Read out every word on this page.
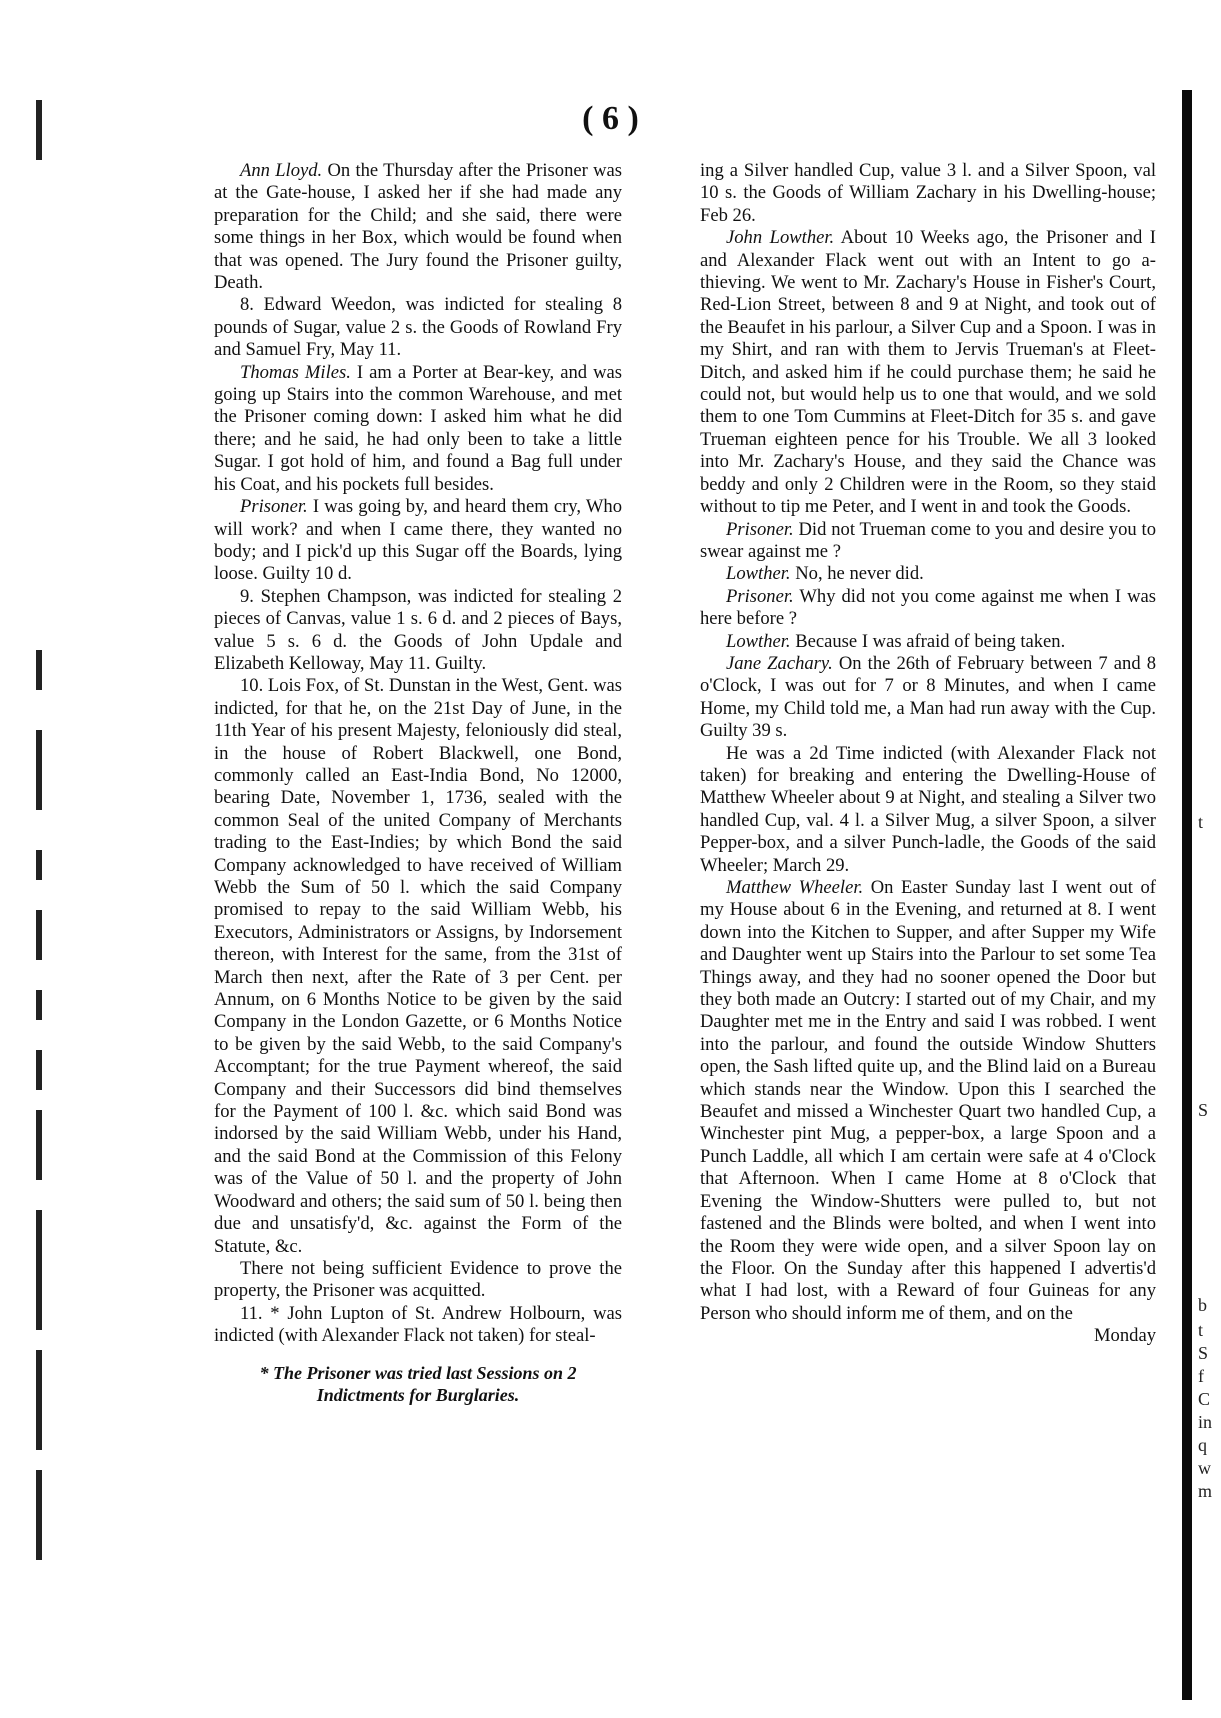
( 6 )

Ann Lloyd. On the Thursday after the Prisoner was at the Gate-house, I asked her if she had made any preparation for the Child; and she said, there were some things in her Box, which would be found when that was opened. The Jury found the Prisoner guilty, Death.

8. Edward Weedon, was indicted for stealing 8 pounds of Sugar, value 2 s. the Goods of Rowland Fry and Samuel Fry, May 11.

Thomas Miles. I am a Porter at Bear-key, and was going up Stairs into the common Warehouse, and met the Prisoner coming down: I asked him what he did there; and he said, he had only been to take a little Sugar. I got hold of him, and found a Bag full under his Coat, and his pockets full besides.

Prisoner. I was going by, and heard them cry, Who will work? and when I came there, they wanted no body; and I pick'd up this Sugar off the Boards, lying loose. Guilty 10 d.

9. Stephen Champson, was indicted for stealing 2 pieces of Canvas, value 1 s. 6 d. and 2 pieces of Bays, value 5 s. 6 d. the Goods of John Updale and Elizabeth Kelloway, May 11. Guilty.

10. Lois Fox, of St. Dunstan in the West, Gent. was indicted, for that he, on the 21st Day of June, in the 11th Year of his present Majesty, feloniously did steal, in the house of Robert Blackwell, one Bond, commonly called an East-India Bond, No 12000, bearing Date, November 1, 1736, sealed with the common Seal of the united Company of Merchants trading to the East-Indies; by which Bond the said Company acknowledged to have received of William Webb the Sum of 50 l. which the said Company promised to repay to the said William Webb, his Executors, Administrators or Assigns, by Indorsement thereon, with Interest for the same, from the 31st of March then next, after the Rate of 3 per Cent. per Annum, on 6 Months Notice to be given by the said Company in the London Gazette, or 6 Months Notice to be given by the said Webb, to the said Company's Accomptant; for the true Payment whereof, the said Company and their Successors did bind themselves for the Payment of 100 l. &c. which said Bond was indorsed by the said William Webb, under his Hand, and the said Bond at the Commission of this Felony was of the Value of 50 l. and the property of John Woodward and others; the said sum of 50 l. being then due and unsatisfy'd, &c. against the Form of the Statute, &c.

There not being sufficient Evidence to prove the property, the Prisoner was acquitted.

11. * John Lupton of St. Andrew Holbourn, was indicted (with Alexander Flack not taken) for steal-

* The Prisoner was tried last Sessions on 2 Indictments for Burglaries.

ing a Silver handled Cup, value 3 l. and a Silver Spoon, val 10 s. the Goods of William Zachary in his Dwelling-house; Feb 26.

John Lowther. About 10 Weeks ago, the Prisoner and I and Alexander Flack went out with an Intent to go a-thieving. We went to Mr. Zachary's House in Fisher's Court, Red-Lion Street, between 8 and 9 at Night, and took out of the Beaufet in his parlour, a Silver Cup and a Spoon. I was in my Shirt, and ran with them to Jervis Trueman's at Fleet-Ditch, and asked him if he could purchase them; he said he could not, but would help us to one that would, and we sold them to one Tom Cummins at Fleet-Ditch for 35 s. and gave Trueman eighteen pence for his Trouble. We all 3 looked into Mr. Zachary's House, and they said the Chance was beddy and only 2 Children were in the Room, so they staid without to tip me Peter, and I went in and took the Goods.

Prisoner. Did not Trueman come to you and desire you to swear against me ?

Lowther. No, he never did.

Prisoner. Why did not you come against me when I was here before ?

Lowther. Because I was afraid of being taken.

Jane Zachary. On the 26th of February between 7 and 8 o'Clock, I was out for 7 or 8 Minutes, and when I came Home, my Child told me, a Man had run away with the Cup. Guilty 39 s.

He was a 2d Time indicted (with Alexander Flack not taken) for breaking and entering the Dwelling-House of Matthew Wheeler about 9 at Night, and stealing a Silver two handled Cup, val. 4 l. a Silver Mug, a silver Spoon, a silver Pepper-box, and a silver Punch-ladle, the Goods of the said Wheeler; March 29.

Matthew Wheeler. On Easter Sunday last I went out of my House about 6 in the Evening, and returned at 8. I went down into the Kitchen to Supper, and after Supper my Wife and Daughter went up Stairs into the Parlour to set some Tea Things away, and they had no sooner opened the Door but they both made an Outcry: I started out of my Chair, and my Daughter met me in the Entry and said I was robbed. I went into the parlour, and found the outside Window Shutters open, the Sash lifted quite up, and the Blind laid on a Bureau which stands near the Window. Upon this I searched the Beaufet and missed a Winchester Quart two handled Cup, a Winchester pint Mug, a pepper-box, a large Spoon and a Punch Laddle, all which I am certain were safe at 4 o'Clock that Afternoon. When I came Home at 8 o'Clock that Evening the Window-Shutters were pulled to, but not fastened and the Blinds were bolted, and when I went into the Room they were wide open, and a silver Spoon lay on the Floor. On the Sunday after this happened I advertis'd what I had lost, with a Reward of four Guineas for any Person who should inform me of them, and on the

Monday

t
S
b
t
S
f
C
in
q
w
m
